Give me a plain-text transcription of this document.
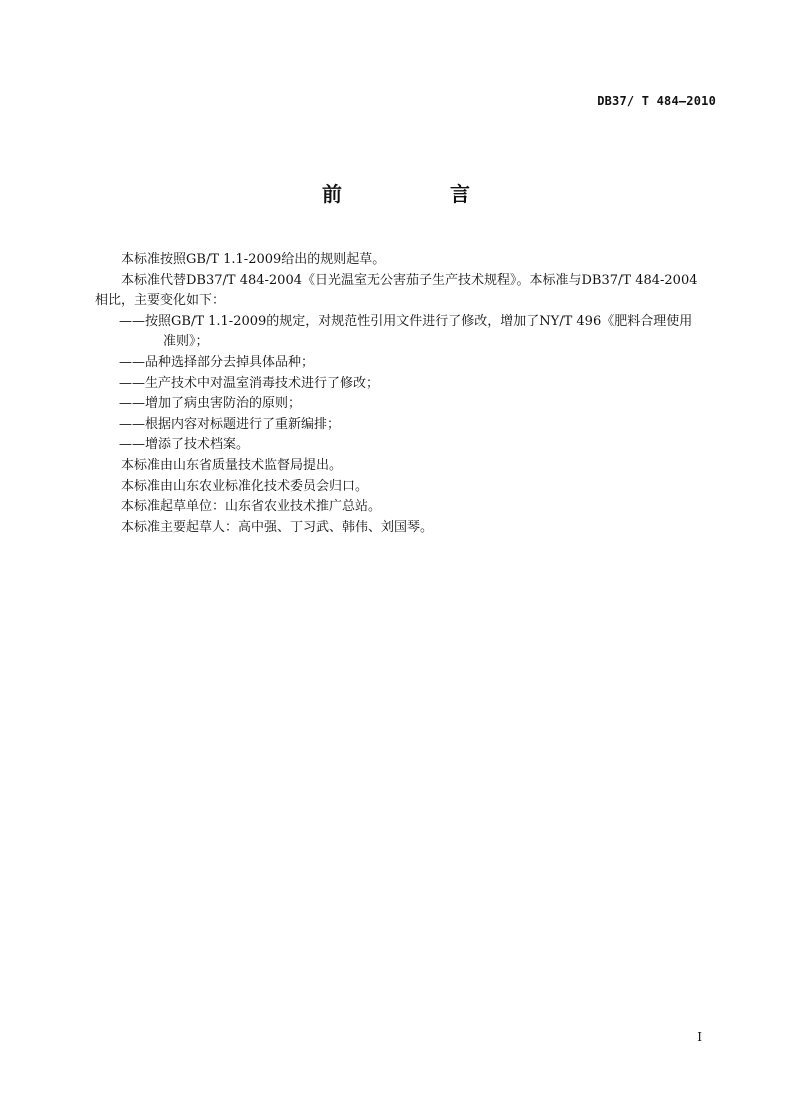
DB37/ T 484—2010
前　言

本标准按照GB/T 1.1-2009给出的规则起草。

本标准代替DB37/T 484-2004《日光温室无公害茄子生产技术规程》。本标准与DB37/T 484-2004

相比，主要变化如下：

——按照GB/T 1.1-2009的规定，对规范性引用文件进行了修改，增加了NY/T 496《肥料合理使用

准则》；

——品种选择部分去掉具体品种；

——生产技术中对温室消毒技术进行了修改；

——增加了病虫害防治的原则；

——根据内容对标题进行了重新编排；

——增添了技术档案。

本标准由山东省质量技术监督局提出。

本标准由山东农业标准化技术委员会归口。

本标准起草单位：山东省农业技术推广总站。

本标准主要起草人：高中强、丁习武、韩伟、刘国琴。

I
